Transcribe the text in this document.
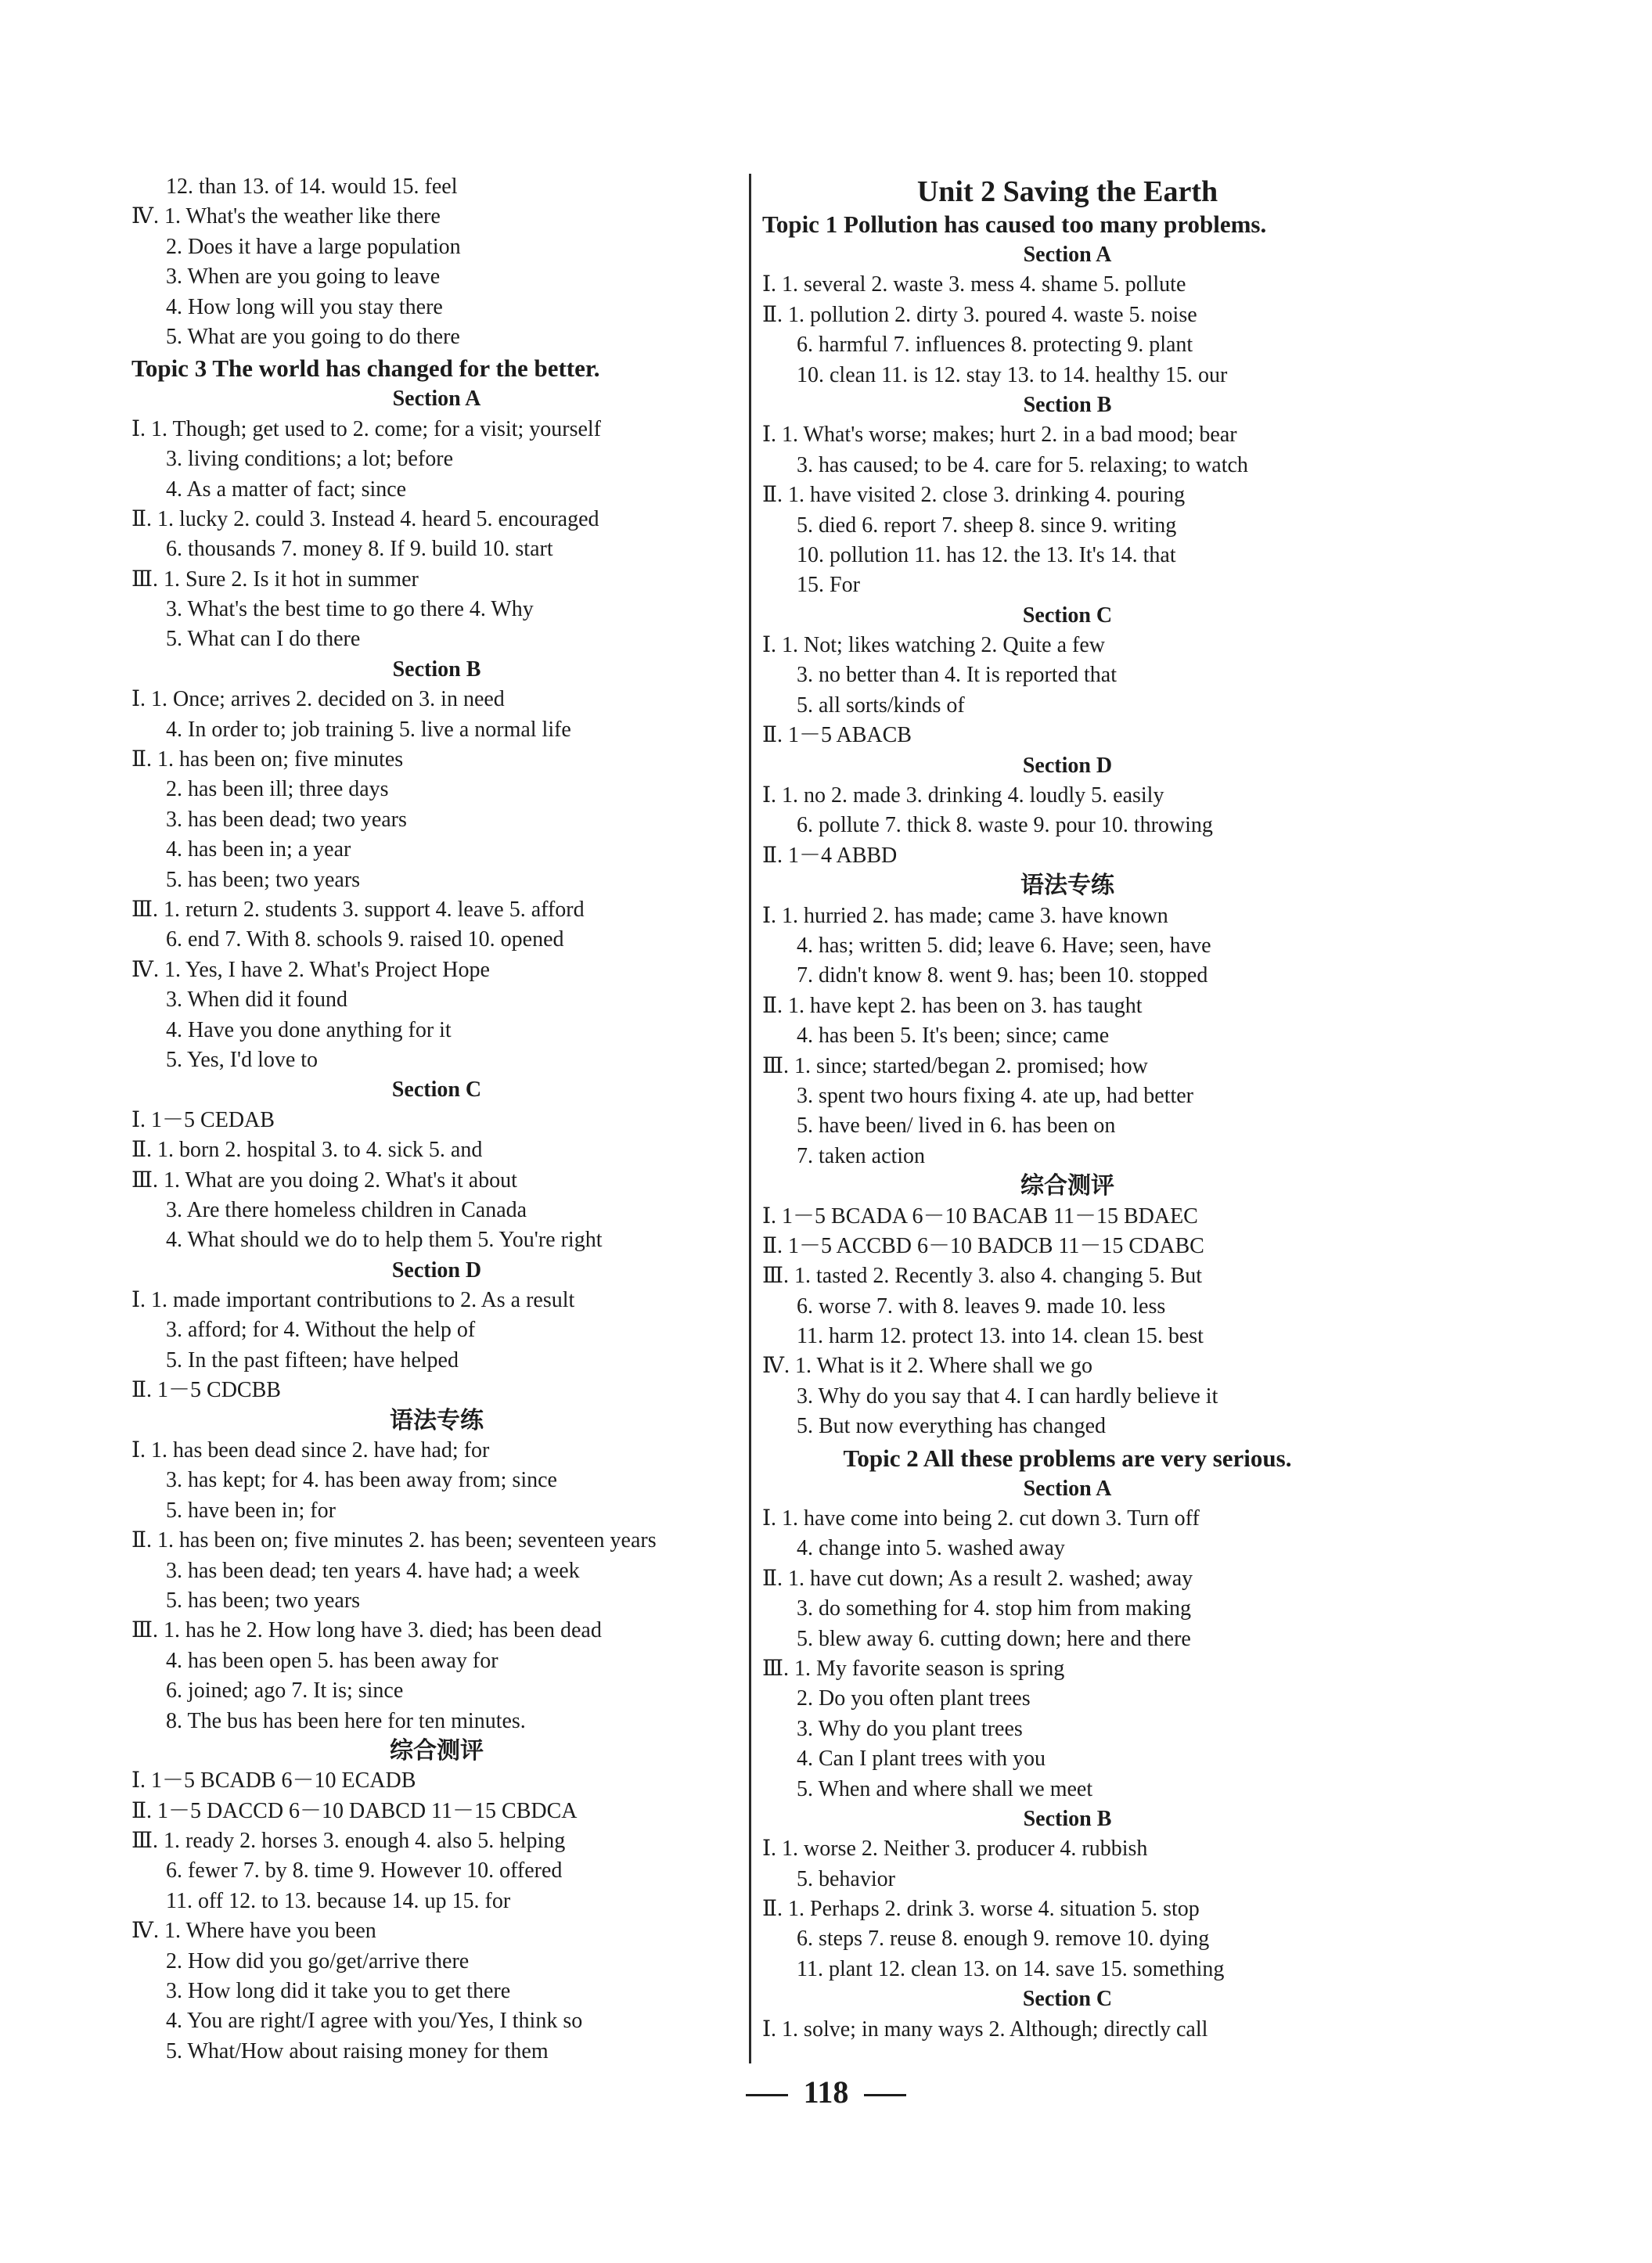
12. than 13. of 14. would 15. feel
Ⅳ. 1. What's the weather like there
2. Does it have a large population
3. When are you going to leave
4. How long will you stay there
5. What are you going to do there
Topic 3 The world has changed for the better.
Section A
Ⅰ. 1. Though; get used to 2. come; for a visit; yourself
3. living conditions; a lot; before
4. As a matter of fact; since
Ⅱ. 1. lucky 2. could 3. Instead 4. heard 5. encouraged
6. thousands 7. money 8. If 9. build 10. start
Ⅲ. 1. Sure 2. Is it hot in summer
3. What's the best time to go there 4. Why
5. What can I do there
Section B
Ⅰ. 1. Once; arrives 2. decided on 3. in need
4. In order to; job training 5. live a normal life
Ⅱ. 1. has been on; five minutes
2. has been ill; three days
3. has been dead; two years
4. has been in; a year
5. has been; two years
Ⅲ. 1. return 2. students 3. support 4. leave 5. afford
6. end 7. With 8. schools 9. raised 10. opened
Ⅳ. 1. Yes, I have 2. What's Project Hope
3. When did it found
4. Have you done anything for it
5. Yes, I'd love to
Section C
Ⅰ. 1－5 CEDAB
Ⅱ. 1. born 2. hospital 3. to 4. sick 5. and
Ⅲ. 1. What are you doing 2. What's it about
3. Are there homeless children in Canada
4. What should we do to help them 5. You're right
Section D
Ⅰ. 1. made important contributions to 2. As a result
3. afford; for 4. Without the help of
5. In the past fifteen; have helped
Ⅱ. 1－5 CDCBB
语法专练
Ⅰ. 1. has been dead since 2. have had; for
3. has kept; for 4. has been away from; since
5. have been in; for
Ⅱ. 1. has been on; five minutes 2. has been; seventeen years
3. has been dead; ten years 4. have had; a week
5. has been; two years
Ⅲ. 1. has he 2. How long have 3. died; has been dead
4. has been open 5. has been away for
6. joined; ago 7. It is; since
8. The bus has been here for ten minutes.
综合测评
Ⅰ. 1－5 BCADB 6－10 ECADB
Ⅱ. 1－5 DACCD 6－10 DABCD 11－15 CBDCA
Ⅲ. 1. ready 2. horses 3. enough 4. also 5. helping
6. fewer 7. by 8. time 9. However 10. offered
11. off 12. to 13. because 14. up 15. for
Ⅳ. 1. Where have you been
2. How did you go/get/arrive there
3. How long did it take you to get there
4. You are right/I agree with you/Yes, I think so
5. What/How about raising money for them
Unit 2 Saving the Earth
Topic 1 Pollution has caused too many problems.
Section A
Ⅰ. 1. several 2. waste 3. mess 4. shame 5. pollute
Ⅱ. 1. pollution 2. dirty 3. poured 4. waste 5. noise
6. harmful 7. influences 8. protecting 9. plant
10. clean 11. is 12. stay 13. to 14. healthy 15. our
Section B
Ⅰ. 1. What's worse; makes; hurt 2. in a bad mood; bear
3. has caused; to be 4. care for 5. relaxing; to watch
Ⅱ. 1. have visited 2. close 3. drinking 4. pouring
5. died 6. report 7. sheep 8. since 9. writing
10. pollution 11. has 12. the 13. It's 14. that
15. For
Section C
Ⅰ. 1. Not; likes watching 2. Quite a few
3. no better than 4. It is reported that
5. all sorts/kinds of
Ⅱ. 1－5 ABACB
Section D
Ⅰ. 1. no 2. made 3. drinking 4. loudly 5. easily
6. pollute 7. thick 8. waste 9. pour 10. throwing
Ⅱ. 1－4 ABBD
语法专练
Ⅰ. 1. hurried 2. has made; came 3. have known
4. has; written 5. did; leave 6. Have; seen, have
7. didn't know 8. went 9. has; been 10. stopped
Ⅱ. 1. have kept 2. has been on 3. has taught
4. has been 5. It's been; since; came
Ⅲ. 1. since; started/began 2. promised; how
3. spent two hours fixing 4. ate up, had better
5. have been/ lived in 6. has been on
7. taken action
综合测评
Ⅰ. 1－5 BCADA 6－10 BACAB 11－15 BDAEC
Ⅱ. 1－5 ACCBD 6－10 BADCB 11－15 CDABC
Ⅲ. 1. tasted 2. Recently 3. also 4. changing 5. But
6. worse 7. with 8. leaves 9. made 10. less
11. harm 12. protect 13. into 14. clean 15. best
Ⅳ. 1. What is it 2. Where shall we go
3. Why do you say that 4. I can hardly believe it
5. But now everything has changed
Topic 2 All these problems are very serious.
Section A
Ⅰ. 1. have come into being 2. cut down 3. Turn off
4. change into 5. washed away
Ⅱ. 1. have cut down; As a result 2. washed; away
3. do something for 4. stop him from making
5. blew away 6. cutting down; here and there
Ⅲ. 1. My favorite season is spring
2. Do you often plant trees
3. Why do you plant trees
4. Can I plant trees with you
5. When and where shall we meet
Section B
Ⅰ. 1. worse 2. Neither 3. producer 4. rubbish
5. behavior
Ⅱ. 1. Perhaps 2. drink 3. worse 4. situation 5. stop
6. steps 7. reuse 8. enough 9. remove 10. dying
11. plant 12. clean 13. on 14. save 15. something
Section C
Ⅰ. 1. solve; in many ways 2. Although; directly call
118
